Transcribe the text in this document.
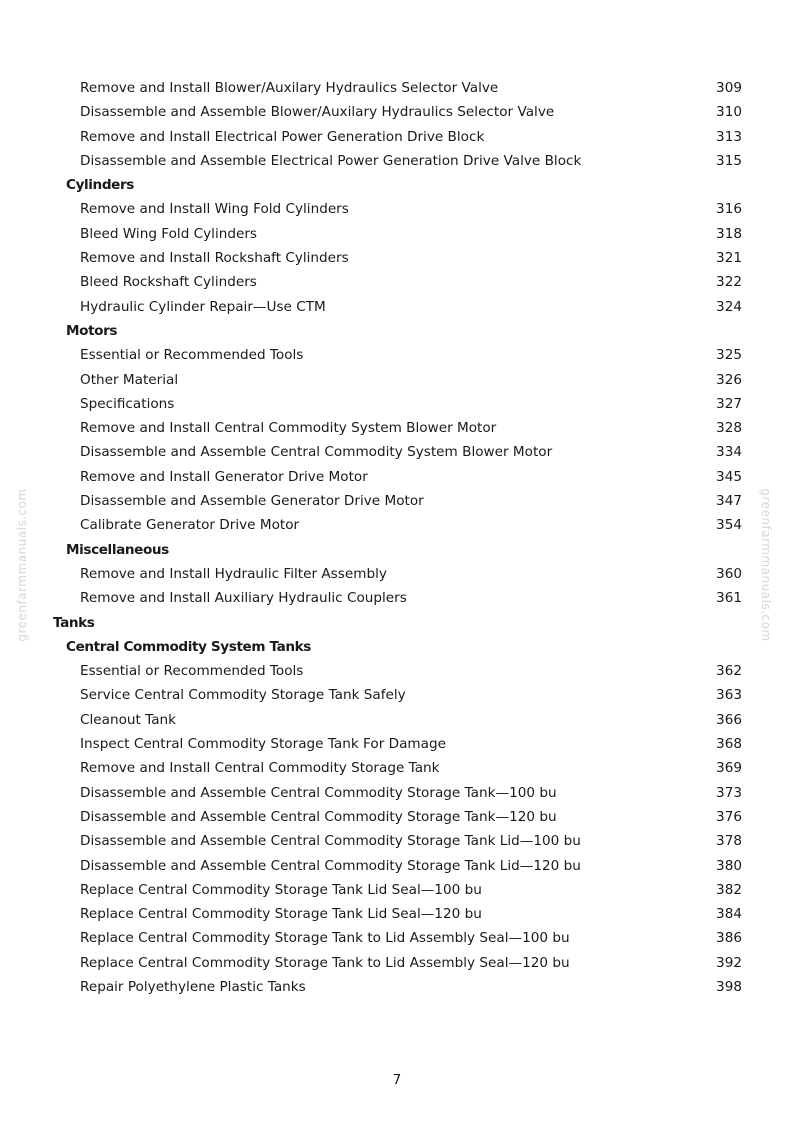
greenfarmmanuals.com	greenfarmmanuals.com
Remove and Install Blower/Auxilary Hydraulics Selector Valve	309
Disassemble and Assemble Blower/Auxilary Hydraulics Selector Valve	310
Remove and Install Electrical Power Generation Drive Block	313
Disassemble and Assemble Electrical Power Generation Drive Valve Block	315
Cylinders
Remove and Install Wing Fold Cylinders	316
Bleed Wing Fold Cylinders	318
Remove and Install Rockshaft Cylinders	321
Bleed Rockshaft Cylinders	322
Hydraulic Cylinder Repair—Use CTM	324
Motors
Essential or Recommended Tools	325
Other Material	326
Specifications	327
Remove and Install Central Commodity System Blower Motor	328
Disassemble and Assemble Central Commodity System Blower Motor	334
Remove and Install Generator Drive Motor	345
Disassemble and Assemble Generator Drive Motor	347
Calibrate Generator Drive Motor	354
Miscellaneous
Remove and Install Hydraulic Filter Assembly	360
Remove and Install Auxiliary Hydraulic Couplers	361
Tanks
Central Commodity System Tanks
Essential or Recommended Tools	362
Service Central Commodity Storage Tank Safely	363
Cleanout Tank	366
Inspect Central Commodity Storage Tank For Damage	368
Remove and Install Central Commodity Storage Tank	369
Disassemble and Assemble Central Commodity Storage Tank—100 bu	373
Disassemble and Assemble Central Commodity Storage Tank—120 bu	376
Disassemble and Assemble Central Commodity Storage Tank Lid—100 bu	378
Disassemble and Assemble Central Commodity Storage Tank Lid—120 bu	380
Replace Central Commodity Storage Tank Lid Seal—100 bu	382
Replace Central Commodity Storage Tank Lid Seal—120 bu	384
Replace Central Commodity Storage Tank to Lid Assembly Seal—100 bu	386
Replace Central Commodity Storage Tank to Lid Assembly Seal—120 bu	392
Repair Polyethylene Plastic Tanks	398
7
